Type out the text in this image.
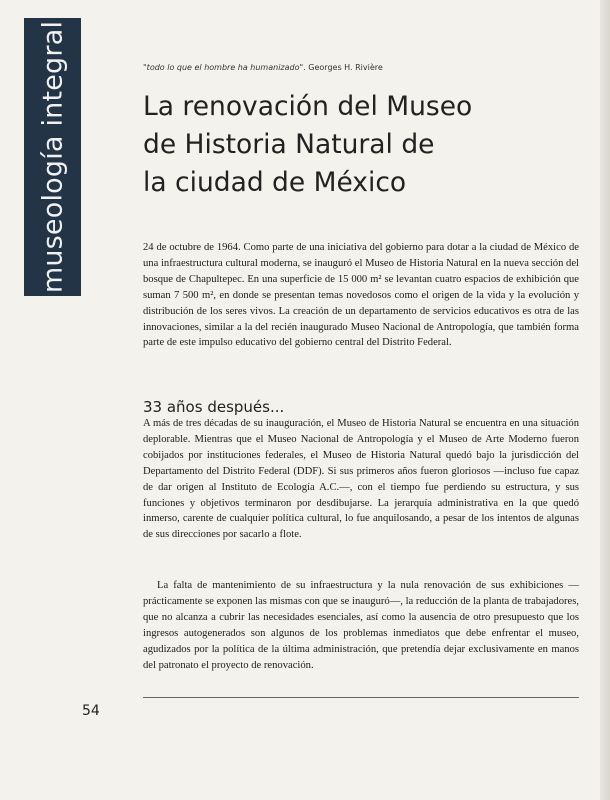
museología integral	"todo lo que el hombre ha humanizado". Georges H. Rivière
La renovación del Museo
de Historia Natural de
la ciudad de México

24 de octubre de 1964. Como parte de una iniciativa del gobierno para dotar a la ciudad de México de una infraestructura cultural moderna, se inauguró el Museo de Historia Natural en la nueva sección del bosque de Chapultepec. En una superficie de 15 000 m² se levantan cuatro espacios de exhibición que suman 7 500 m², en donde se presentan temas novedosos como el origen de la vida y la evolución y distribución de los seres vivos. La creación de un departamento de servicios educativos es otra de las innovaciones, similar a la del recién inaugurado Museo Nacional de Antropología, que también forma parte de este impulso educativo del gobierno central del Distrito Federal.

33 años después...

A más de tres décadas de su inauguración, el Museo de Historia Natural se encuentra en una situación deplorable. Mientras que el Museo Nacional de Antropología y el Museo de Arte Moderno fueron cobijados por instituciones federales, el Museo de Historia Natural quedó bajo la jurisdicción del Departamento del Distrito Federal (DDF). Si sus primeros años fueron gloriosos —incluso fue capaz de dar origen al Instituto de Ecología A.C.—, con el tiempo fue perdiendo su estructura, y sus funciones y objetivos terminaron por desdibujarse. La jerarquía administrativa en la que quedó inmerso, carente de cualquier política cultural, lo fue anquilosando, a pesar de los intentos de algunas de sus direcciones por sacarlo a flote.

La falta de mantenimiento de su infraestructura y la nula renovación de sus exhibiciones —prácticamente se exponen las mismas con que se inauguró—, la reducción de la planta de trabajadores, que no alcanza a cubrir las necesidades esenciales, así como la ausencia de otro presupuesto que los ingresos autogenerados son algunos de los problemas inmediatos que debe enfrentar el museo, agudizados por la política de la última administración, que pretendía dejar exclusivamente en manos del patronato el proyecto de renovación.

54
